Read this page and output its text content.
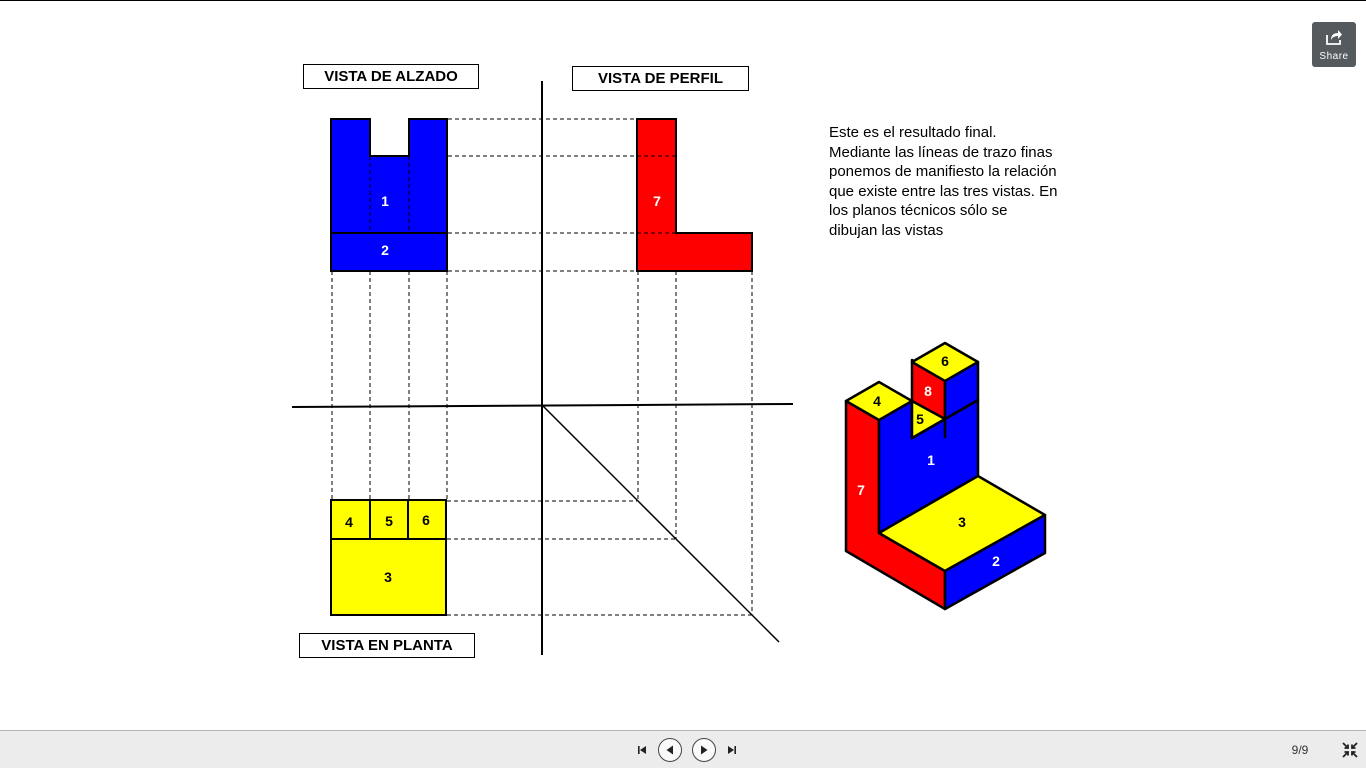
1
2
7
4 5 6
3
6
8
4
5
1
7
3
2
VISTA DE ALZADO	VISTA DE PERFIL
VISTA EN PLANTA
Este es el resultado final. Mediante las líneas de trazo finas ponemos de manifiesto la relación que existe entre las tres vistas. En los planos técnicos sólo se dibujan las vistas
Share
9/9
